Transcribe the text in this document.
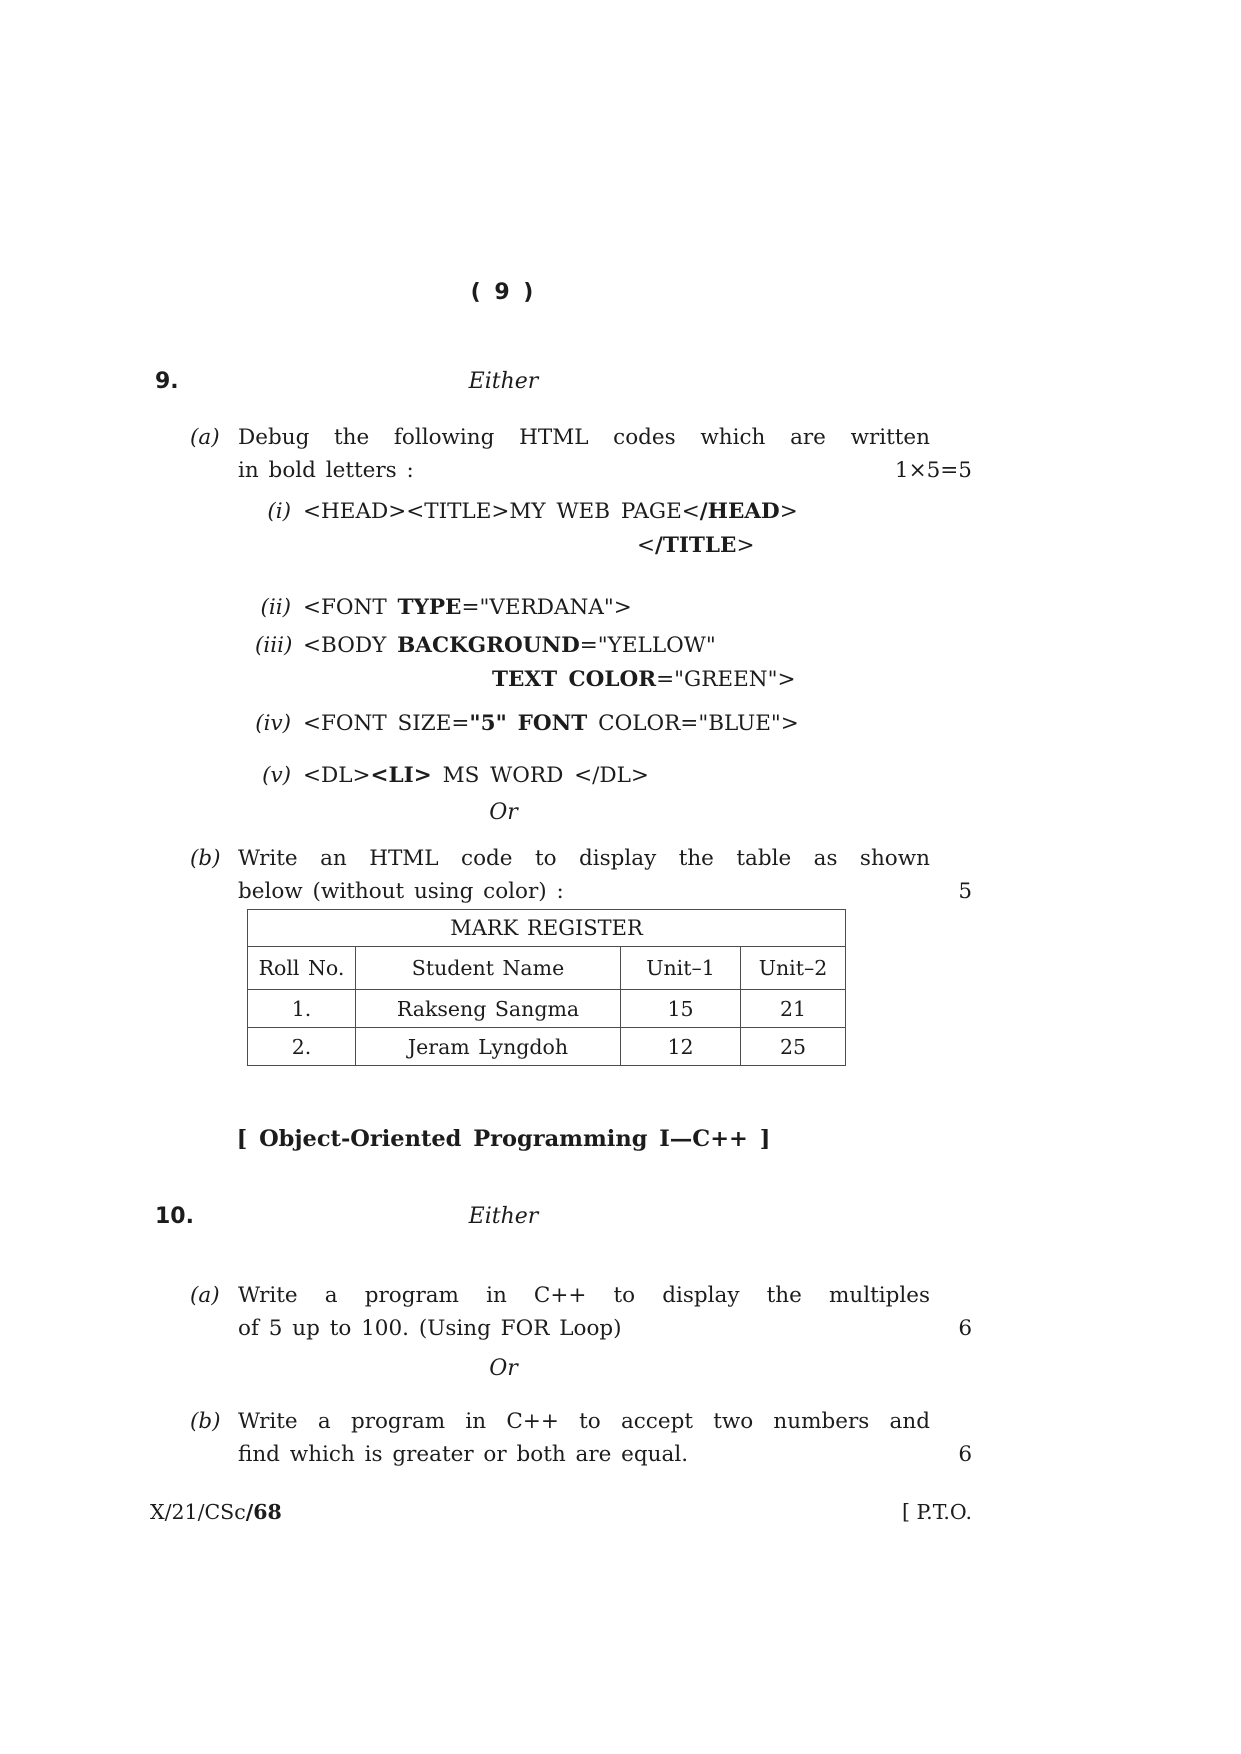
( 9 )
9.	Either
(a) Debug the following HTML codes which are written
in bold letters :	1×5=5
(i) <HEAD><TITLE>MY WEB PAGE</HEAD>
</TITLE>
(ii) <FONT TYPE="VERDANA">
(iii) <BODY BACKGROUND="YELLOW"
TEXT COLOR="GREEN">
(iv) <FONT SIZE="5" FONT COLOR="BLUE">
(v) <DL><LI> MS WORD </DL>
Or
(b) Write an HTML code to display the table as shown
below (without using color) :	5
MARK REGISTER			
Roll No.	Student Name	Unit–1	Unit–2
1.	Rakseng Sangma	15	21
2.	Jeram Lyngdoh	12	25
[ Object-Oriented Programming I—C++ ]
10.	Either
(a) Write a program in C++ to display the multiples
of 5 up to 100. (Using FOR Loop)	6
Or
(b) Write a program in C++ to accept two numbers and
find which is greater or both are equal.	6
X/21/CSc/68	[ P.T.O.
